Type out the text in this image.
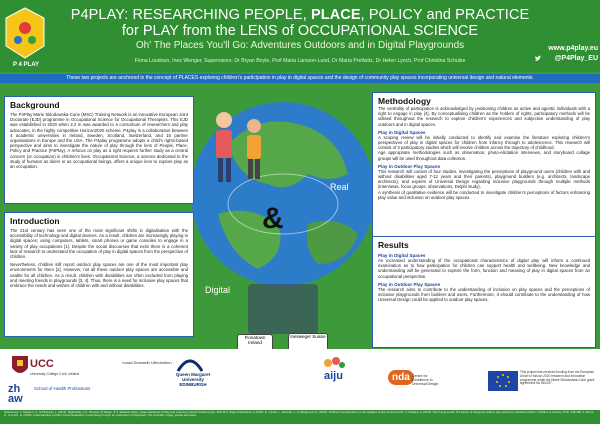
P 4 PLAY
P4PLAY: RESEARCHING PEOPLE, PLACE, POLICY and PRACTICE
for PLAY from the LENS of OCCUPATIONAL SCIENCE
Oh' The Places You'll Go: Adventures Outdoors and in Digital Playgrounds
Fiona Loudoun, Ines Wenger, Supervisors: Dr Bryan Boyle, Prof Maria Larsson-Lund, Dr Maria Prellwitz, Dr Helen Lynch, Prof Christina Schulze
www.p4play.eu
@P4Play_EU
These two projects are anchored in the concept of PLACES exploring children's participation in play in digital spaces and the design of community play spaces incorporating universal design and natural elements.
Real
Digital
&
Fionatown Ireland
Inesweger Suisse
Background
The P4Play Marie Sklodowska-Curie (MSC) Training Network is an innovative European Joint Doctorate (EJD) programme in Occupational Science for Occupational Therapists. This EJD was established in 2020 when 2.2 m was awarded to a consortium of researchers and play advocates, in the highly competitive Horizon2020 scheme. P4play is a collaboration between 4 academic universities in Ireland, Sweden, Scotland, Switzerland, and 15 partner organisations in Europe and the USA. The P4play programme adopts a child's rights-based perspective and aims to investigate the nature of play through the lens of People, Place, Policy and Practice (P4Play). A refocus on play as a right requires further study as a central concern (or occupation) in children's lives. Occupational Science, a science dedicated to the study of humans as doers or as occupational beings, offers a unique lens to explore play as an occupation.
Introduction
The 21st century has seen one of the most significant shifts in digitalisation with the accessibility of technology and digital devices. As a result, children are increasingly playing in digital spaces; using computers, tablets, smart phones or game consoles to engage in a variety of play occupations [1]. Despite the social discourses that exist there is a coherent lack of research to understand the occupation of play in digital spaces from the perspective of children.
Nevertheless, children still report outdoor play spaces are one of the most important play environments for them [2]. However, not all these outdoor play spaces are accessible and usable for all children. As a result, children with disabilities are often excluded from playing and meeting friends in playgrounds [3, 4]. Thus, there is a need for inclusive play spaces that embrace the needs and wishes of children with and without disabilities.
Methodology
The centrality of participation is acknowledged by positioning children as active and agentic individuals with a right to engage in play [4]. By conceptualising children as the holders of rights, participatory methods will be utilised throughout the research to explore children's experiences and subjective understanding of play outdoors and in digital spaces.
Play in Digital Spaces
A scoping review will be initially conducted to identify and examine the literature exploring children's perspectives of play in digital spaces for children from infancy through to adolescence. This research will consist of 3 participatory studies which will involve children across the trajectory of childhood.
Age appropriate methodologies such as observation, photo-elicitation interviews, and storyboard collage groups will be used throughout data collection.
Play in Outdoor Play Spaces
This research will consist of four studies, investigating the perceptions of playground users (children with and without disabilities aged 7-12 years and their parents), playground builders (e.g. architects, landscape architects), and experts of Universal Design regarding inclusive playgrounds through multiple methods (interviews, focus groups, observations, Delphi study).
A synthesis of qualitative evidence will be conducted to investigate children's perceptions of factors enhancing play value and inclusion on outdoor play spaces.
Results
Play in Digital Spaces
An increased understanding of the occupational characteristics of digital play will inform a continued examination as to how participation for children can support health and wellbeing. New knowledge and understanding will be generated to explore the form, function and meaning of play in digital spaces from an occupational perspective.
Play in Outdoor Play Spaces
The research aims to contribute to the understanding of inclusion on play spaces and the perceptions of inclusive playgrounds from builders and users. Furthermore, it should contribute to the understanding of how Universal Design could be applied to outdoor play spaces.
UCC
University College Cork, Ireland
zh
aw
School of Health Professions
Ionad Dearaidh Uilechoitinn
Queen Margaret University EDINBURGH
aiju	nda Centre for Excellence in Universal Design
This project has received funding from the European Union's Horizon 2020 research and innovation programme under the Marie Sklodowska-Curie grant agreement No 861257.
References: 1. Stephen, C., & Plowman, L. (2014). Digital Play. In L. Brooker, M. Blaise, & S. Edwards (Eds.), Sage Handbook of Play and Learning in Early Childhood (pp. 330-341). Sage Publications. 2. Ridler, D., Hutter, L., Bennett, J., & Wedgwood, D. (2020). Children's perspectives on the qualities of play environments. 3. Woolley, H. (2013). Now being social: The barrier of designing outdoor play spaces for disabled children. Children & Society, 27(6), 448-458. 4. Moore, A., & Lynch, H. (2018). Understanding a child's conceptualisation of well-being through an exploration of happiness: The centrality of play, people and place.
